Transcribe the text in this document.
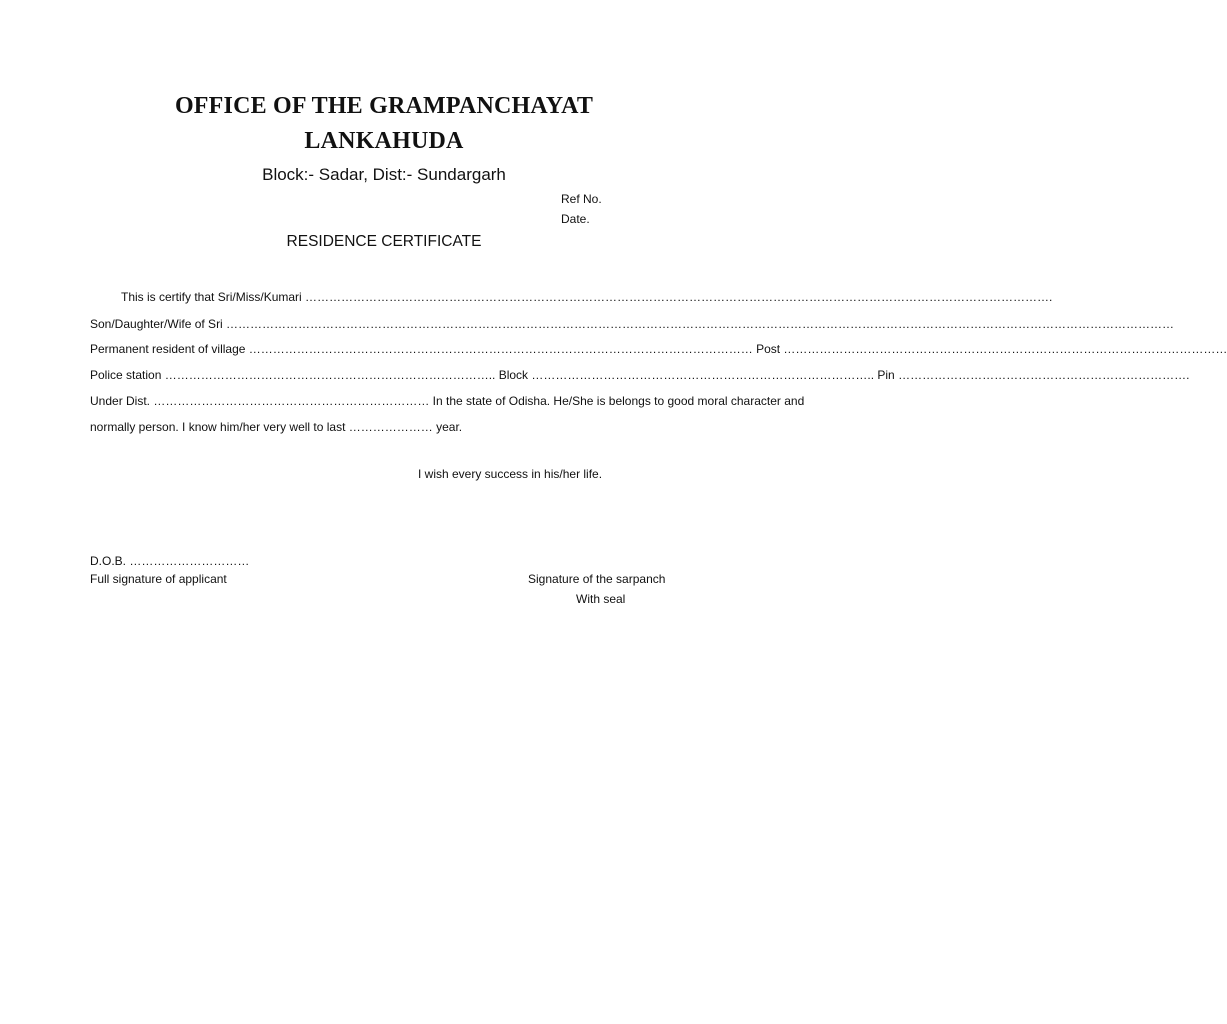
OFFICE OF THE GRAMPANCHAYAT
LANKAHUDA
Block:- Sadar, Dist:- Sundargarh
Ref No.
Date.
RESIDENCE CERTIFICATE
This is certify that Sri/Miss/Kumari …………………………………………………………………………………………………………………………………………………………………….
Son/Daughter/Wife of Sri …………………………………………………………………………………………………………………………………………………………………………………………………………………
Permanent resident of village ……………………………………………………………………………………………………………… Post …………………………………………………………………………………………………
Police station ……………………………………………………………………….. Block ………………………………………………………………………….. Pin ……………………………………………………………….
Under Dist. …………………………………………………………… In the state of Odisha. He/She is belongs to good moral character and
normally person. I know him/her very well to last ………………… year.
I wish every success in his/her life.
D.O.B. …………………………
Full signature of applicant	Signature of the sarpanch
With seal
